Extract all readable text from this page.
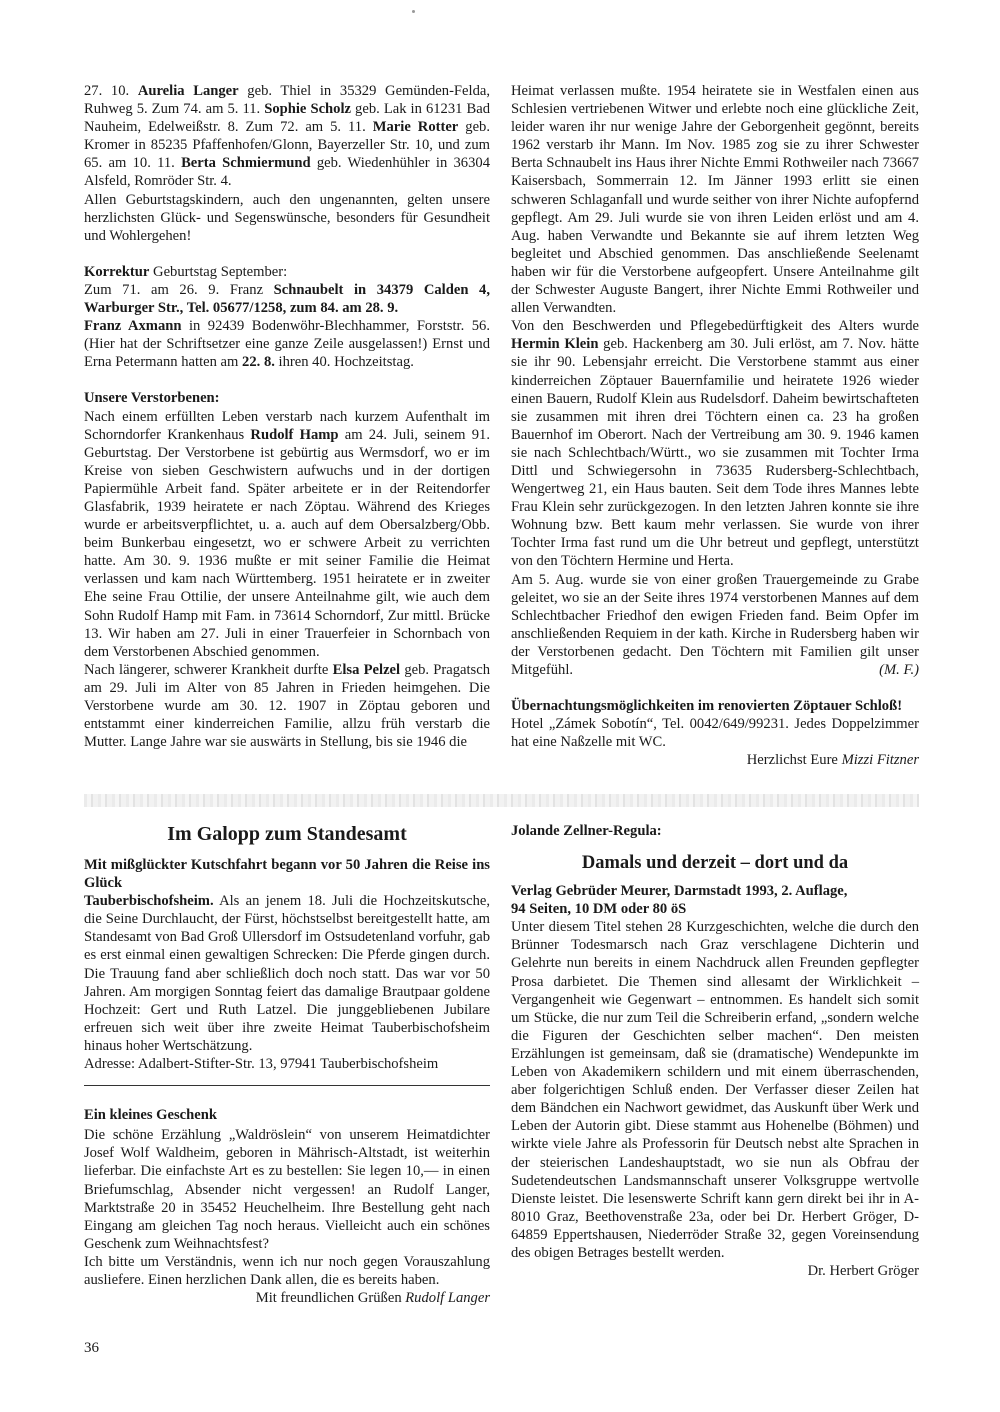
27. 10. Aurelia Langer geb. Thiel in 35329 Gemünden-Felda, Ruhweg 5. Zum 74. am 5. 11. Sophie Scholz geb. Lak in 61231 Bad Nauheim, Edelweißstr. 8. Zum 72. am 5. 11. Marie Rotter geb. Kromer in 85235 Pfaffenhofen/Glonn, Bayerzeller Str. 10, und zum 65. am 10. 11. Berta Schmiermund geb. Wiedenhühler in 36304 Alsfeld, Romröder Str. 4.

Allen Geburtstagskindern, auch den ungenannten, gelten unsere herzlichsten Glück- und Segenswünsche, besonders für Gesundheit und Wohlergehen!

Korrektur Geburtstag September:

Zum 71. am 26. 9. Franz Schnaubelt in 34379 Calden 4, Warburger Str., Tel. 05677/1258, zum 84. am 28. 9.

Franz Axmann in 92439 Bodenwöhr-Blechhammer, Forststr. 56. (Hier hat der Schriftsetzer eine ganze Zeile ausgelassen!) Ernst und Erna Petermann hatten am 22. 8. ihren 40. Hochzeitstag.

Unsere Verstorbenen:

Nach einem erfüllten Leben verstarb nach kurzem Aufenthalt im Schorndorfer Krankenhaus Rudolf Hamp am 24. Juli, seinem 91. Geburtstag. Der Verstorbene ist gebürtig aus Wermsdorf, wo er im Kreise von sieben Geschwistern aufwuchs und in der dortigen Papiermühle Arbeit fand. Später arbeitete er in der Reitendorfer Glasfabrik, 1939 heiratete er nach Zöptau. Während des Krieges wurde er arbeitsverpflichtet, u. a. auch auf dem Obersalzberg/Obb. beim Bunkerbau eingesetzt, wo er schwere Arbeit zu verrichten hatte. Am 30. 9. 1936 mußte er mit seiner Familie die Heimat verlassen und kam nach Württemberg. 1951 heiratete er in zweiter Ehe seine Frau Ottilie, der unsere Anteilnahme gilt, wie auch dem Sohn Rudolf Hamp mit Fam. in 73614 Schorndorf, Zur mittl. Brücke 13. Wir haben am 27. Juli in einer Trauerfeier in Schornbach von dem Verstorbenen Abschied genommen.

Nach längerer, schwerer Krankheit durfte Elsa Pelzel geb. Pragatsch am 29. Juli im Alter von 85 Jahren in Frieden heimgehen. Die Verstorbene wurde am 30. 12. 1907 in Zöptau geboren und entstammt einer kinderreichen Familie, allzu früh verstarb die Mutter. Lange Jahre war sie auswärts in Stellung, bis sie 1946 die

Heimat verlassen mußte. 1954 heiratete sie in Westfalen einen aus Schlesien vertriebenen Witwer und erlebte noch eine glückliche Zeit, leider waren ihr nur wenige Jahre der Geborgenheit gegönnt, bereits 1962 verstarb ihr Mann. Im Nov. 1985 zog sie zu ihrer Schwester Berta Schnaubelt ins Haus ihrer Nichte Emmi Rothweiler nach 73667 Kaisersbach, Sommerrain 12. Im Jänner 1993 erlitt sie einen schweren Schlaganfall und wurde seither von ihrer Nichte aufopfernd gepflegt. Am 29. Juli wurde sie von ihren Leiden erlöst und am 4. Aug. haben Verwandte und Bekannte sie auf ihrem letzten Weg begleitet und Abschied genommen. Das anschließende Seelenamt haben wir für die Verstorbene aufgeopfert. Unsere Anteilnahme gilt der Schwester Auguste Bangert, ihrer Nichte Emmi Rothweiler und allen Verwandten.

Von den Beschwerden und Pflegebedürftigkeit des Alters wurde Hermin Klein geb. Hackenberg am 30. Juli erlöst, am 7. Nov. hätte sie ihr 90. Lebensjahr erreicht. Die Verstorbene stammt aus einer kinderreichen Zöptauer Bauernfamilie und heiratete 1926 wieder einen Bauern, Rudolf Klein aus Rudelsdorf. Daheim bewirtschafteten sie zusammen mit ihren drei Töchtern einen ca. 23 ha großen Bauernhof im Oberort. Nach der Vertreibung am 30. 9. 1946 kamen sie nach Schlechtbach/Württ., wo sie zusammen mit Tochter Irma Dittl und Schwiegersohn in 73635 Rudersberg-Schlechtbach, Wengertweg 21, ein Haus bauten. Seit dem Tode ihres Mannes lebte Frau Klein sehr zurückgezogen. In den letzten Jahren konnte sie ihre Wohnung bzw. Bett kaum mehr verlassen. Sie wurde von ihrer Tochter Irma fast rund um die Uhr betreut und gepflegt, unterstützt von den Töchtern Hermine und Herta.

Am 5. Aug. wurde sie von einer großen Trauergemeinde zu Grabe geleitet, wo sie an der Seite ihres 1974 verstorbenen Mannes auf dem Schlechtbacher Friedhof den ewigen Frieden fand. Beim Opfer im anschließenden Requiem in der kath. Kirche in Rudersberg haben wir der Verstorbenen gedacht. Den Töchtern mit Familien gilt unser Mitgefühl.	(M. F.)

Übernachtungsmöglichkeiten im renovierten Zöptauer Schloß!

Hotel „Zámek Sobotín“, Tel. 0042/649/99231. Jedes Doppelzimmer hat eine Naßzelle mit WC.

Herzlichst Eure Mizzi Fitzner

Im Galopp zum Standesamt

Mit mißglückter Kutschfahrt begann vor 50 Jahren die Reise ins Glück

Tauberbischofsheim. Als an jenem 18. Juli die Hochzeitskutsche, die Seine Durchlaucht, der Fürst, höchstselbst bereitgestellt hatte, am Standesamt von Bad Groß Ullersdorf im Ostsudetenland vorfuhr, gab es erst einmal einen gewaltigen Schrecken: Die Pferde gingen durch. Die Trauung fand aber schließlich doch noch statt. Das war vor 50 Jahren. Am morgigen Sonntag feiert das damalige Brautpaar goldene Hochzeit: Gert und Ruth Latzel. Die junggebliebenen Jubilare erfreuen sich weit über ihre zweite Heimat Tauberbischofsheim hinaus hoher Wertschätzung.

Adresse: Adalbert-Stifter-Str. 13, 97941 Tauberbischofsheim

Ein kleines Geschenk

Die schöne Erzählung „Waldröslein“ von unserem Heimatdichter Josef Wolf Waldheim, geboren in Mährisch-Altstadt, ist weiterhin lieferbar. Die einfachste Art es zu bestellen: Sie legen 10,— in einen Briefumschlag, Absender nicht vergessen! an Rudolf Langer, Marktstraße 20 in 35452 Heuchelheim. Ihre Bestellung geht nach Eingang am gleichen Tag noch heraus. Vielleicht auch ein schönes Geschenk zum Weihnachtsfest?

Ich bitte um Verständnis, wenn ich nur noch gegen Vorauszahlung ausliefere. Einen herzlichen Dank allen, die es bereits haben.
Mit freundlichen Grüßen Rudolf Langer

Jolande Zellner-Regula:

Damals und derzeit – dort und da

Verlag Gebrüder Meurer, Darmstadt 1993, 2. Auflage,

94 Seiten, 10 DM oder 80 öS

Unter diesem Titel stehen 28 Kurzgeschichten, welche die durch den Brünner Todesmarsch nach Graz verschlagene Dichterin und Gelehrte nun bereits in einem Nachdruck allen Freunden gepflegter Prosa darbietet. Die Themen sind allesamt der Wirklichkeit – Vergangenheit wie Gegenwart – entnommen. Es handelt sich somit um Stücke, die nur zum Teil die Schreiberin erfand, „sondern welche die Figuren der Geschichten selber machen“. Den meisten Erzählungen ist gemeinsam, daß sie (dramatische) Wendepunkte im Leben von Akademikern schildern und mit einem überraschenden, aber folgerichtigen Schluß enden. Der Verfasser dieser Zeilen hat dem Bändchen ein Nachwort gewidmet, das Auskunft über Werk und Leben der Autorin gibt. Diese stammt aus Hohenelbe (Böhmen) und wirkte viele Jahre als Professorin für Deutsch nebst alte Sprachen in der steierischen Landeshauptstadt, wo sie nun als Obfrau der Sudetendeutschen Landsmannschaft unserer Volksgruppe wertvolle Dienste leistet. Die lesenswerte Schrift kann gern direkt bei ihr in A-8010 Graz, Beethovenstraße 23a, oder bei Dr. Herbert Gröger, D-64859 Eppertshausen, Niederröder Straße 32, gegen Voreinsendung des obigen Betrages bestellt werden.

Dr. Herbert Gröger

36
